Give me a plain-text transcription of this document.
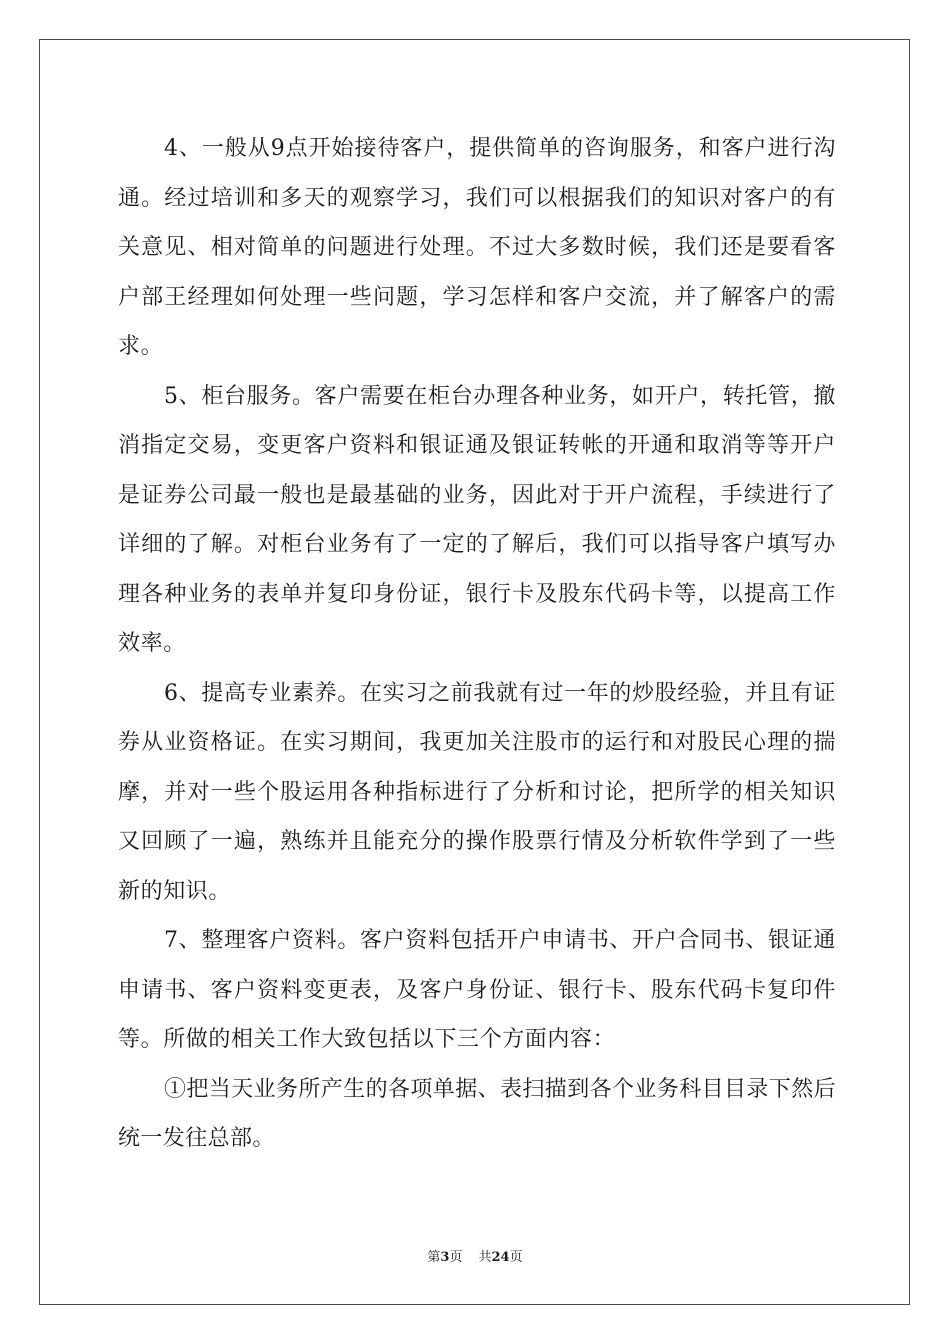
4、一般从9点开始接待客户，提供简单的咨询服务，和客户进行沟通。经过培训和多天的观察学习，我们可以根据我们的知识对客户的有关意见、相对简单的问题进行处理。不过大多数时候，我们还是要看客户部王经理如何处理一些问题，学习怎样和客户交流，并了解客户的需求。

5、柜台服务。客户需要在柜台办理各种业务，如开户，转托管，撤消指定交易，变更客户资料和银证通及银证转帐的开通和取消等等开户是证券公司最一般也是最基础的业务，因此对于开户流程，手续进行了详细的了解。对柜台业务有了一定的了解后，我们可以指导客户填写办理各种业务的表单并复印身份证，银行卡及股东代码卡等，以提高工作效率。

6、提高专业素养。在实习之前我就有过一年的炒股经验，并且有证券从业资格证。在实习期间，我更加关注股市的运行和对股民心理的揣摩，并对一些个股运用各种指标进行了分析和讨论，把所学的相关知识又回顾了一遍，熟练并且能充分的操作股票行情及分析软件学到了一些新的知识。

7、整理客户资料。客户资料包括开户申请书、开户合同书、银证通申请书、客户资料变更表，及客户身份证、银行卡、股东代码卡复印件等。所做的相关工作大致包括以下三个方面内容：

①把当天业务所产生的各项单据、表扫描到各个业务科目目录下然后统一发往总部。

第3页 共24页
